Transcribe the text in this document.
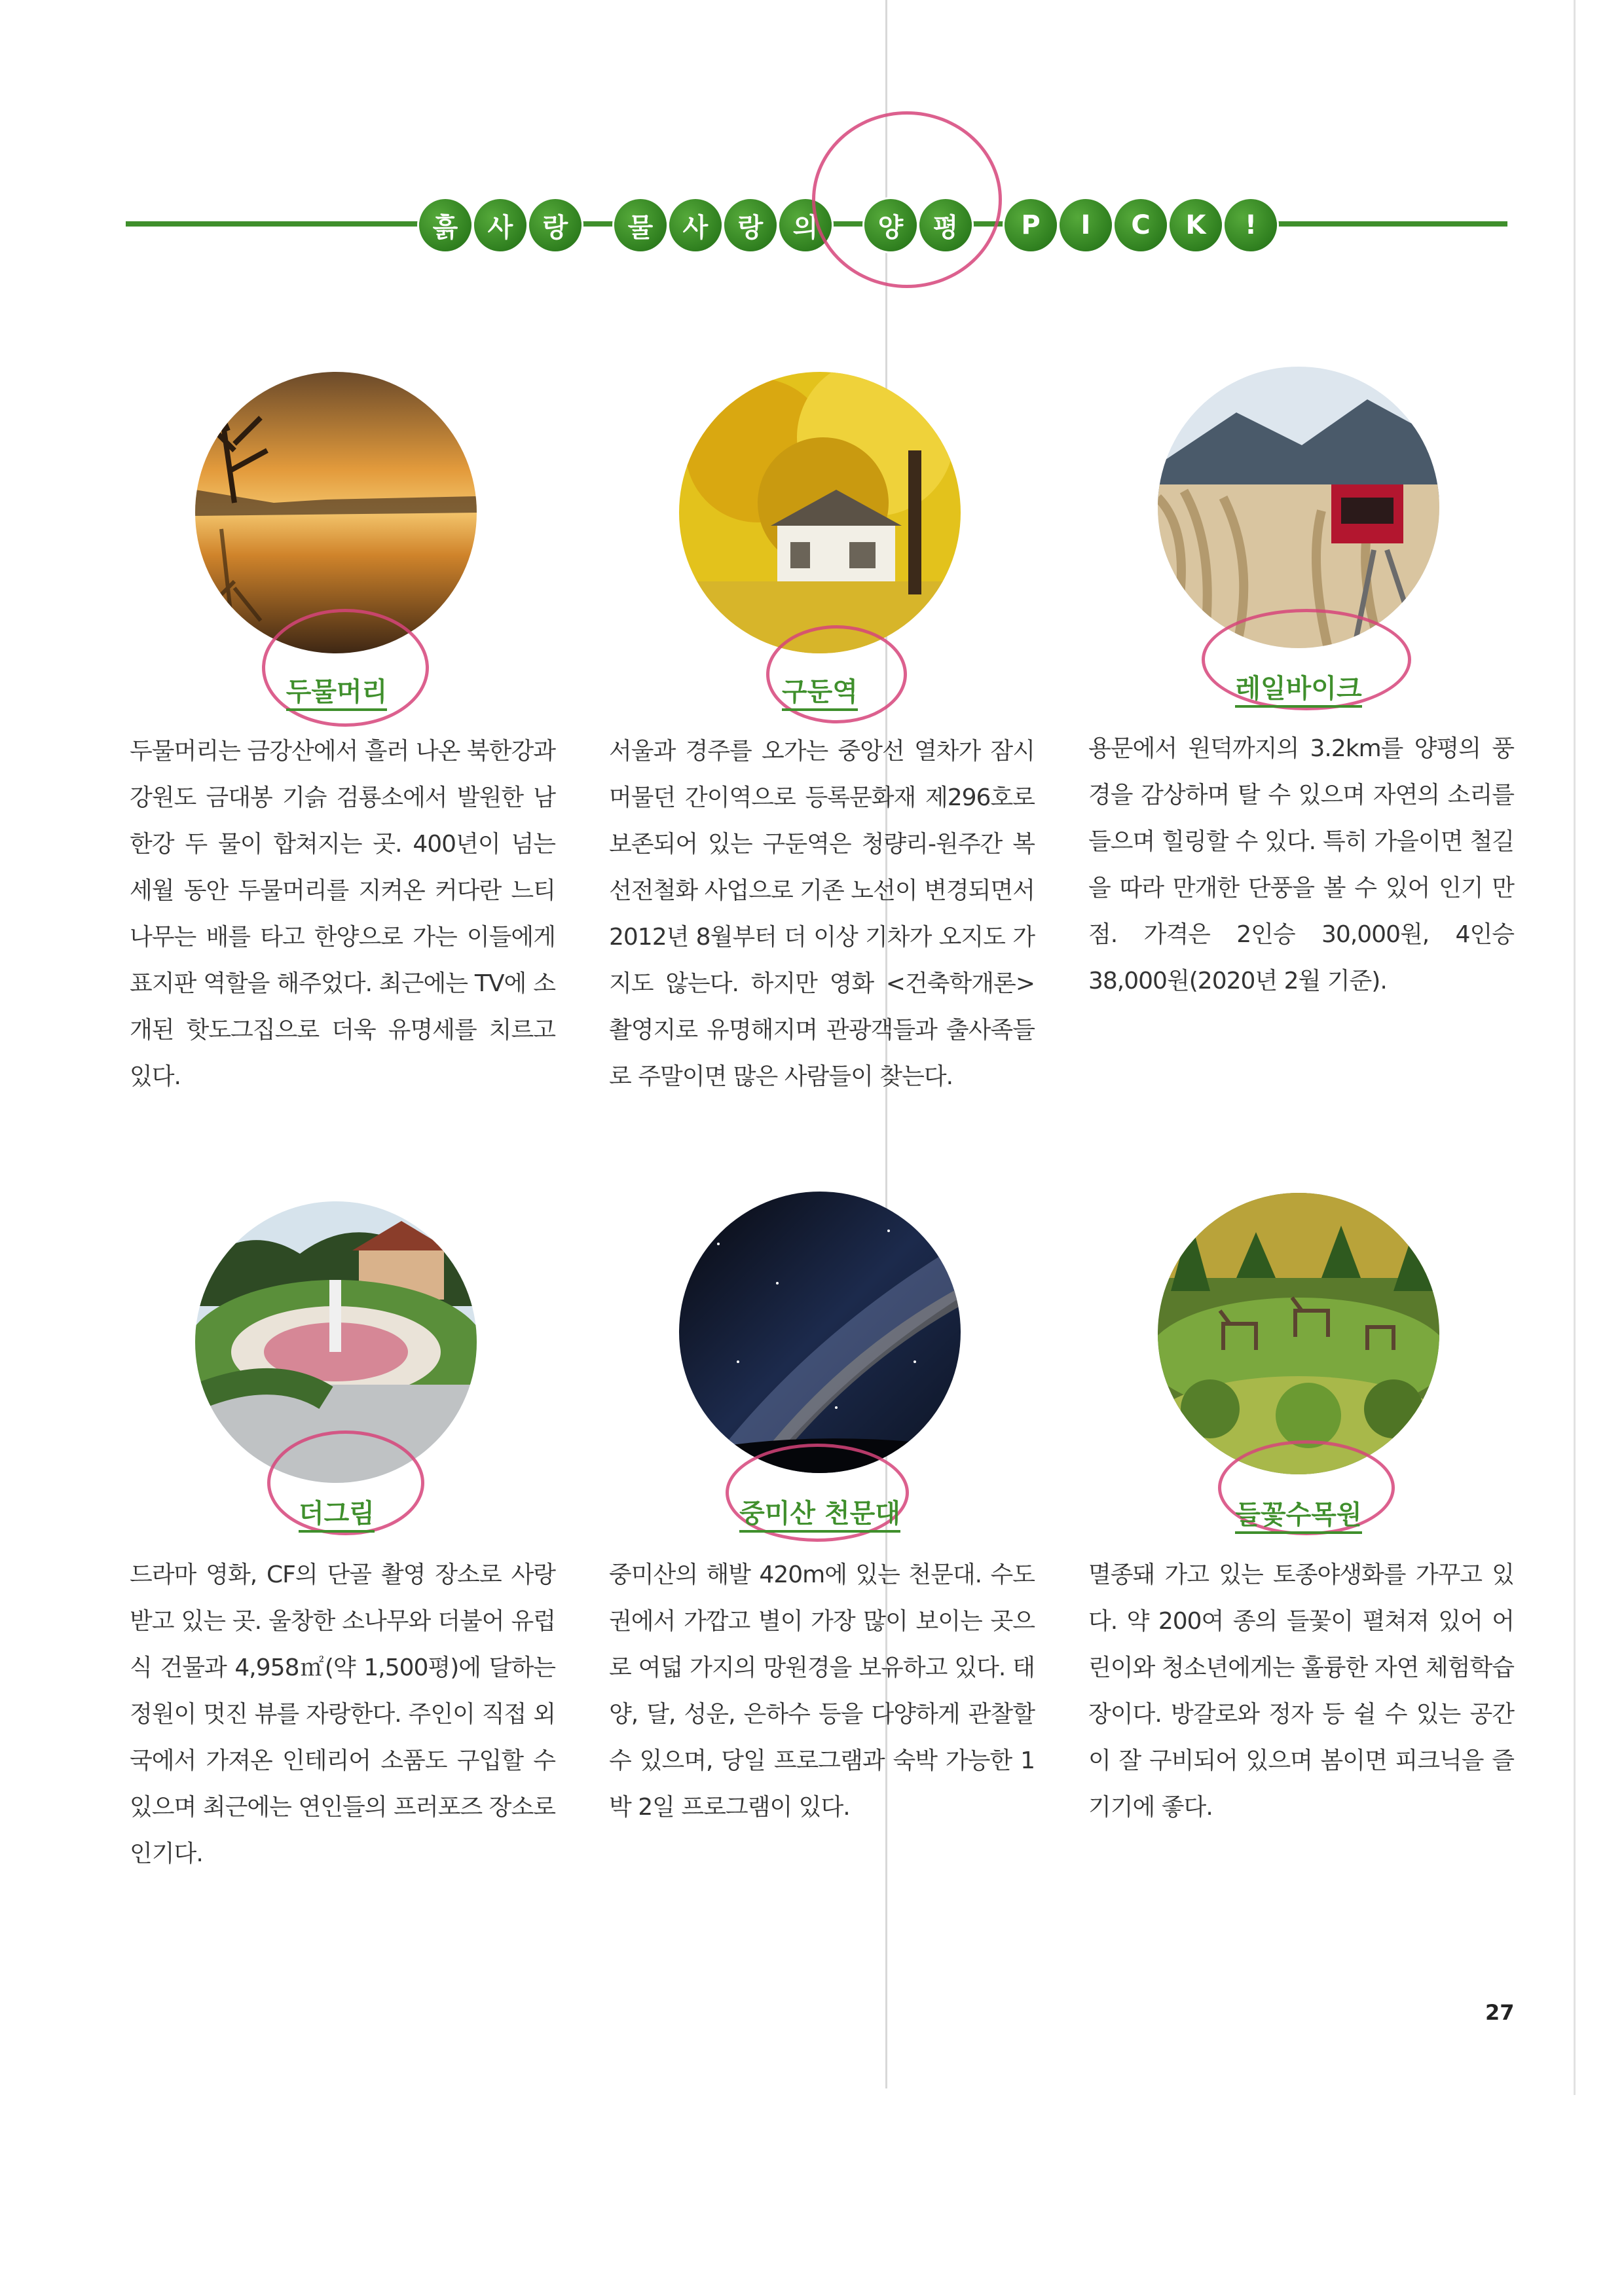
흙	사	랑	물	사	랑	의	양	평	P	I	C	K	!
두물머리	구둔역	레일바이크
두물머리는 금강산에서 흘러 나온 북한강과 강원도 금대봉 기슭 검룡소에서 발원한 남한강 두 물이 합쳐지는 곳. 400년이 넘는 세월 동안 두물머리를 지켜온 커다란 느티나무는 배를 타고 한양으로 가는 이들에게 표지판 역할을 해주었다. 최근에는 TV에 소개된 핫도그집으로 더욱 유명세를 치르고 있다.
서울과 경주를 오가는 중앙선 열차가 잠시 머물던 간이역으로 등록문화재 제296호로 보존되어 있는 구둔역은 청량리-원주간 복선전철화 사업으로 기존 노선이 변경되면서 2012년 8월부터 더 이상 기차가 오지도 가지도 않는다. 하지만 영화 <건축학개론> 촬영지로 유명해지며 관광객들과 출사족들로 주말이면 많은 사람들이 찾는다.
용문에서 원덕까지의 3.2km를 양평의 풍경을 감상하며 탈 수 있으며 자연의 소리를 들으며 힐링할 수 있다. 특히 가을이면 철길을 따라 만개한 단풍을 볼 수 있어 인기 만점. 가격은 2인승 30,000원, 4인승 38,000원(2020년 2월 기준).
더그림	중미산 천문대	들꽃수목원
드라마 영화, CF의 단골 촬영 장소로 사랑받고 있는 곳. 울창한 소나무와 더불어 유럽식 건물과 4,958㎡(약 1,500평)에 달하는 정원이 멋진 뷰를 자랑한다. 주인이 직접 외국에서 가져온 인테리어 소품도 구입할 수 있으며 최근에는 연인들의 프러포즈 장소로 인기다.
중미산의 해발 420m에 있는 천문대. 수도권에서 가깝고 별이 가장 많이 보이는 곳으로 여덟 가지의 망원경을 보유하고 있다. 태양, 달, 성운, 은하수 등을 다양하게 관찰할 수 있으며, 당일 프로그램과 숙박 가능한 1박 2일 프로그램이 있다.
멸종돼 가고 있는 토종야생화를 가꾸고 있다. 약 200여 종의 들꽃이 펼쳐져 있어 어린이와 청소년에게는 훌륭한 자연 체험학습장이다. 방갈로와 정자 등 쉴 수 있는 공간이 잘 구비되어 있으며 봄이면 피크닉을 즐기기에 좋다.
27
